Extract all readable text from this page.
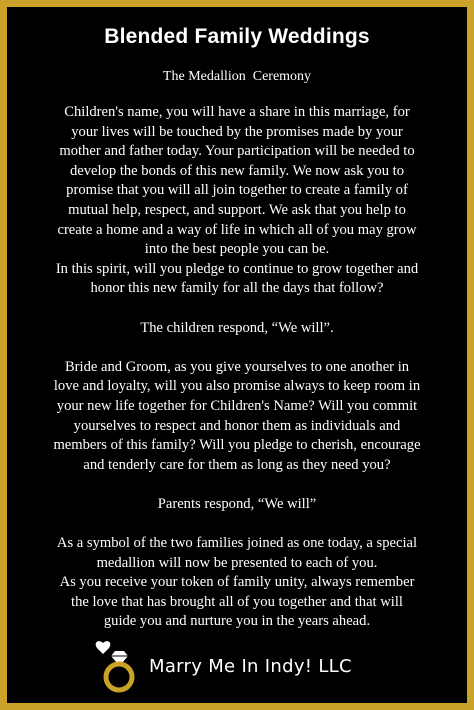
Blended Family Weddings
The Medallion  Ceremony
Children's name, you will have a share in this marriage, for
your lives will be touched by the promises made by your
mother and father today. Your participation will be needed to
develop the bonds of this new family. We now ask you to
promise that you will all join together to create a family of
mutual help, respect, and support. We ask that you help to
create a home and a way of life in which all of you may grow
into the best people you can be.
In this spirit, will you pledge to continue to grow together and
honor this new family for all the days that follow?
The children respond, “We will”.
Bride and Groom, as you give yourselves to one another in
love and loyalty, will you also promise always to keep room in
your new life together for Children's Name? Will you commit
yourselves to respect and honor them as individuals and
members of this family? Will you pledge to cherish, encourage
and tenderly care for them as long as they need you?
Parents respond, “We will”
As a symbol of the two families joined as one today, a special
medallion will now be presented to each of you.
As you receive your token of family unity, always remember
the love that has brought all of you together and that will
guide you and nurture you in the years ahead.
Marry Me In Indy! LLC
